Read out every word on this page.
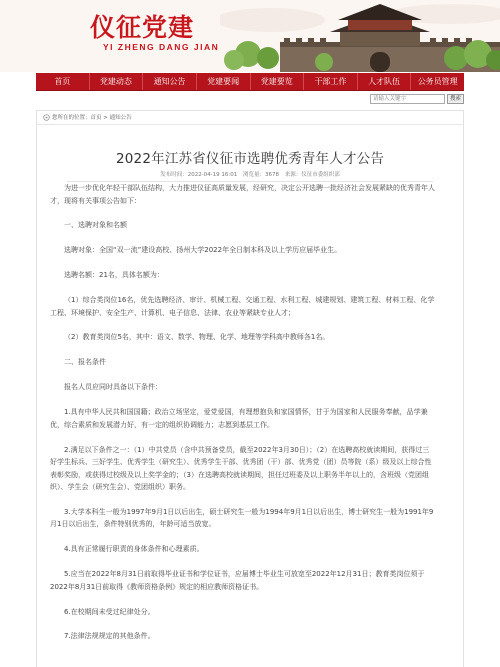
仪征党建
YI ZHENG DANG JIAN
首页	党建动态	通知公告	党建要闻	党建要览	干部工作	人才队伍	公务员管理
请输入关键字
搜索
您所在的位置：首页 > 通知公告
2022年江苏省仪征市选聘优秀青年人才公告
发布时间：2022-04-19 16:01 浏览量：3678 来源：仪征市委组织部

为进一步优化年轻干部队伍结构，大力推进仪征高质量发展，经研究，决定公开选聘一批经济社会发展紧缺的优秀青年人才，现将有关事项公告如下：

一、选聘对象和名额

选聘对象：全国“双一流”建设高校、扬州大学2022年全日制本科及以上学历应届毕业生。

选聘名额：21名，具体名额为：

（1）综合类岗位16名，优先选聘经济、审计、机械工程、交通工程、水利工程、城建规划、建筑工程、材料工程、化学工程、环境保护、安全生产、计算机、电子信息、法律、农业等紧缺专业人才；

（2）教育类岗位5名，其中：语文、数学、物理、化学、地理等学科高中教师各1名。

二、报名条件

报名人员应同时具备以下条件：

1.具有中华人民共和国国籍；政治立场坚定，爱党爱国，有理想抱负和家国情怀，甘于为国家和人民服务奉献，品学兼优，综合素质和发展潜力好，有一定的组织协调能力；志愿到基层工作。

2.满足以下条件之一：（1）中共党员（含中共预备党员，截至2022年3月30日）；（2）在选聘高校就读期间，获得过三好学生标兵、三好学生、优秀学生（研究生）、优秀学生干部、优秀团（干）部、优秀党（团）员等院（系）级及以上综合性表彰奖励，或获得过校级及以上奖学金的；（3）在选聘高校就读期间，担任过班委及以上职务半年以上的，含班级（党团组织）、学生会（研究生会）、党团组织）职务。

3.大学本科生一般为1997年9月1日以后出生，硕士研究生一般为1994年9月1日以后出生，博士研究生一般为1991年9月1日以后出生，条件特别优秀的，年龄可适当放宽。

4.具有正常履行职责的身体条件和心理素质。

5.应当在2022年8月31日前取得毕业证书和学位证书，应届博士毕业生可放宽至2022年12月31日；教育类岗位须于2022年8月31日前取得《教师资格条例》规定的相应教师资格证书。

6.在校期间未受过纪律处分。

7.法律法规规定的其他条件。
